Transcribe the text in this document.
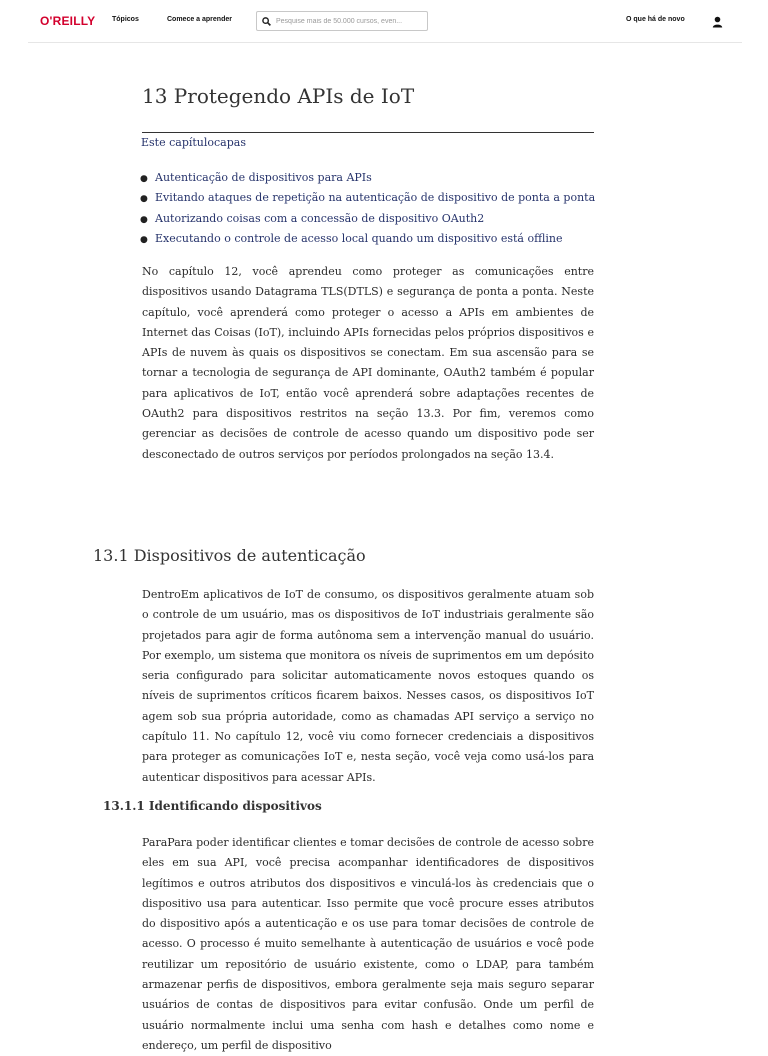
O'REILLY Tópicos	Comece a aprender
Pesquise mais de 50.000 cursos, even...	O que há de novo
13 Protegendo APIs de IoT
Este capítulocapas
● Autenticação de dispositivos para APIs
● Evitando ataques de repetição na autenticação de dispositivo de ponta a ponta
● Autorizando coisas com a concessão de dispositivo OAuth2
● Executando o controle de acesso local quando um dispositivo está offline

No capítulo 12, você aprendeu como proteger as comunicações entre dispositivos usando Datagrama TLS(DTLS) e segurança de ponta a ponta. Neste capítulo, você aprenderá como proteger o acesso a APIs em ambientes de Internet das Coisas (IoT), incluindo APIs fornecidas pelos próprios dispositivos e APIs de nuvem às quais os dispositivos se conectam. Em sua ascensão para se tornar a tecnologia de segurança de API dominante, OAuth2 também é popular para aplicativos de IoT, então você aprenderá sobre adaptações recentes de OAuth2 para dispositivos restritos na seção 13.3. Por fim, veremos como gerenciar as decisões de controle de acesso quando um dispositivo pode ser desconectado de outros serviços por períodos prolongados na seção 13.4.

13.1 Dispositivos de autenticação

DentroEm aplicativos de IoT de consumo, os dispositivos geralmente atuam sob o controle de um usuário, mas os dispositivos de IoT industriais geralmente são projetados para agir de forma autônoma sem a intervenção manual do usuário. Por exemplo, um sistema que monitora os níveis de suprimentos em um depósito seria configurado para solicitar automaticamente novos estoques quando os níveis de suprimentos críticos ficarem baixos. Nesses casos, os dispositivos IoT agem sob sua própria autoridade, como as chamadas API serviço a serviço no capítulo 11. No capítulo 12, você viu como fornecer credenciais a dispositivos para proteger as comunicações IoT e, nesta seção, você veja como usá-los para autenticar dispositivos para acessar APIs.

13.1.1 Identificando dispositivos

ParaPara poder identificar clientes e tomar decisões de controle de acesso sobre eles em sua API, você precisa acompanhar identificadores de dispositivos legítimos e outros atributos dos dispositivos e vinculá-los às credenciais que o dispositivo usa para autenticar. Isso permite que você procure esses atributos do dispositivo após a autenticação e os use para tomar decisões de controle de acesso. O processo é muito semelhante à autenticação de usuários e você pode reutilizar um repositório de usuário existente, como o LDAP, para também armazenar perfis de dispositivos, embora geralmente seja mais seguro separar usuários de contas de dispositivos para evitar confusão. Onde um perfil de usuário normalmente inclui uma senha com hash e detalhes como nome e endereço, um perfil de dispositivo
